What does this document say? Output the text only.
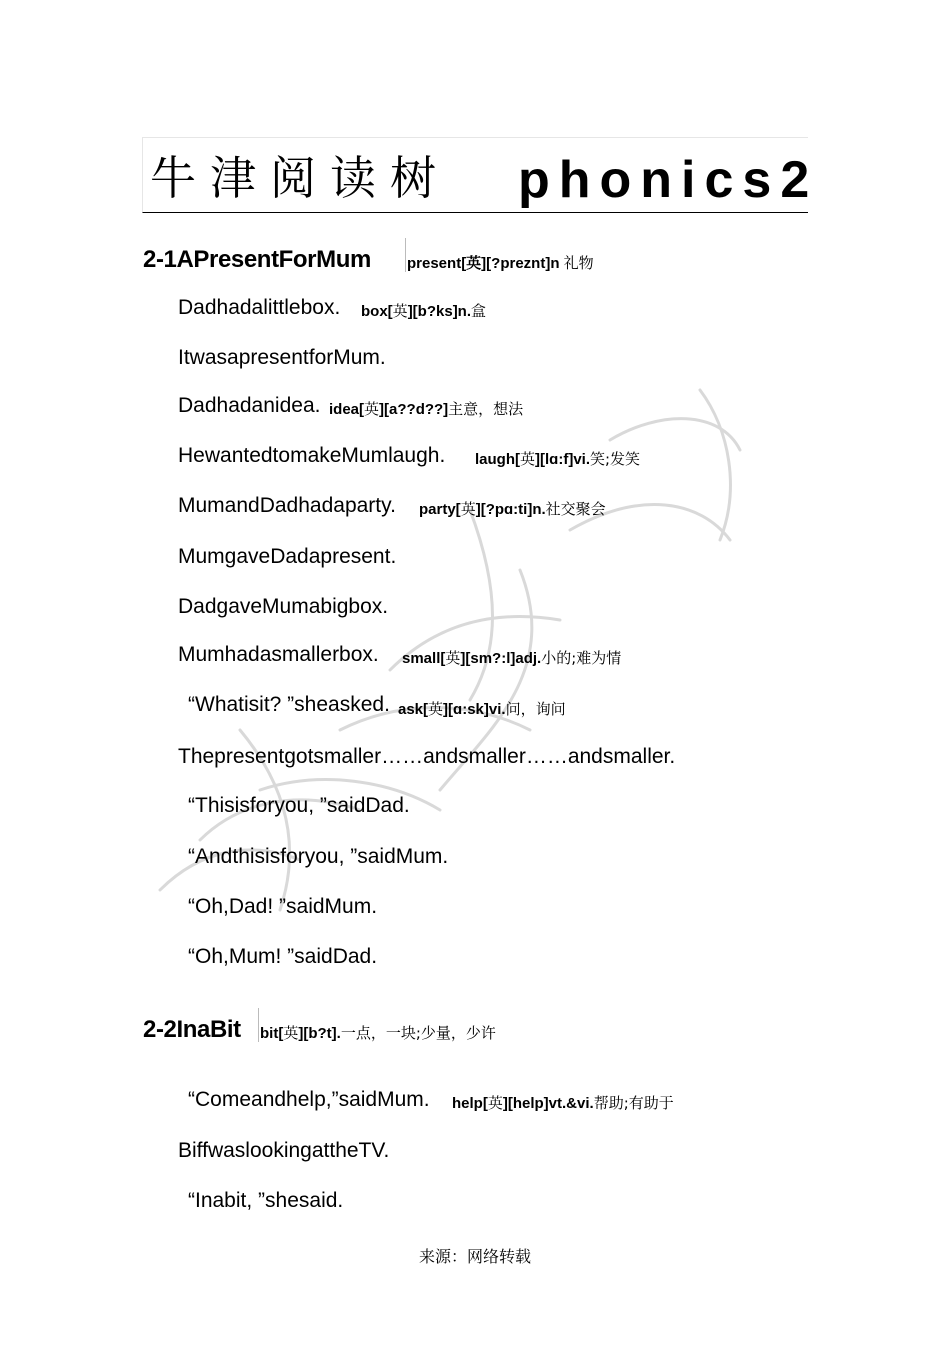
牛津阅读树 phonics2
2-1APresentForMum present[英][?preznt]n 礼物
Dadhadalittlebox. box[英][b?ks]n.盒
ItwasapresentforMum.
Dadhadanidea. idea[英][a??d??]主意，想法
HewantedtomakeMumlaugh. laugh[英][lɑ:f]vi.笑;发笑
MumandDadhadaparty. party[英][?pɑ:ti]n.社交聚会
MumgaveDadapresent.
DadgaveMumabigbox.
Mumhadasmallerbox. small[英][sm?:l]adj.小的;难为情
“Whatisit? ”sheasked. ask[英][ɑ:sk]vi.问，询问
Thepresentgotsmaller……andsmaller……andsmaller.
“Thisisforyou, ”saidDad.
“Andthisisforyou, ”saidMum.
“Oh,Dad! ”saidMum.
“Oh,Mum! ”saidDad.
2-2InaBit bit[英][b?t].一点，一块;少量，少许
“Comeandhelp,”saidMum. help[英][help]vt.&vi.帮助;有助于
BiffwaslookingattheTV.
“Inabit, ”shesaid.
来源：网络转载
